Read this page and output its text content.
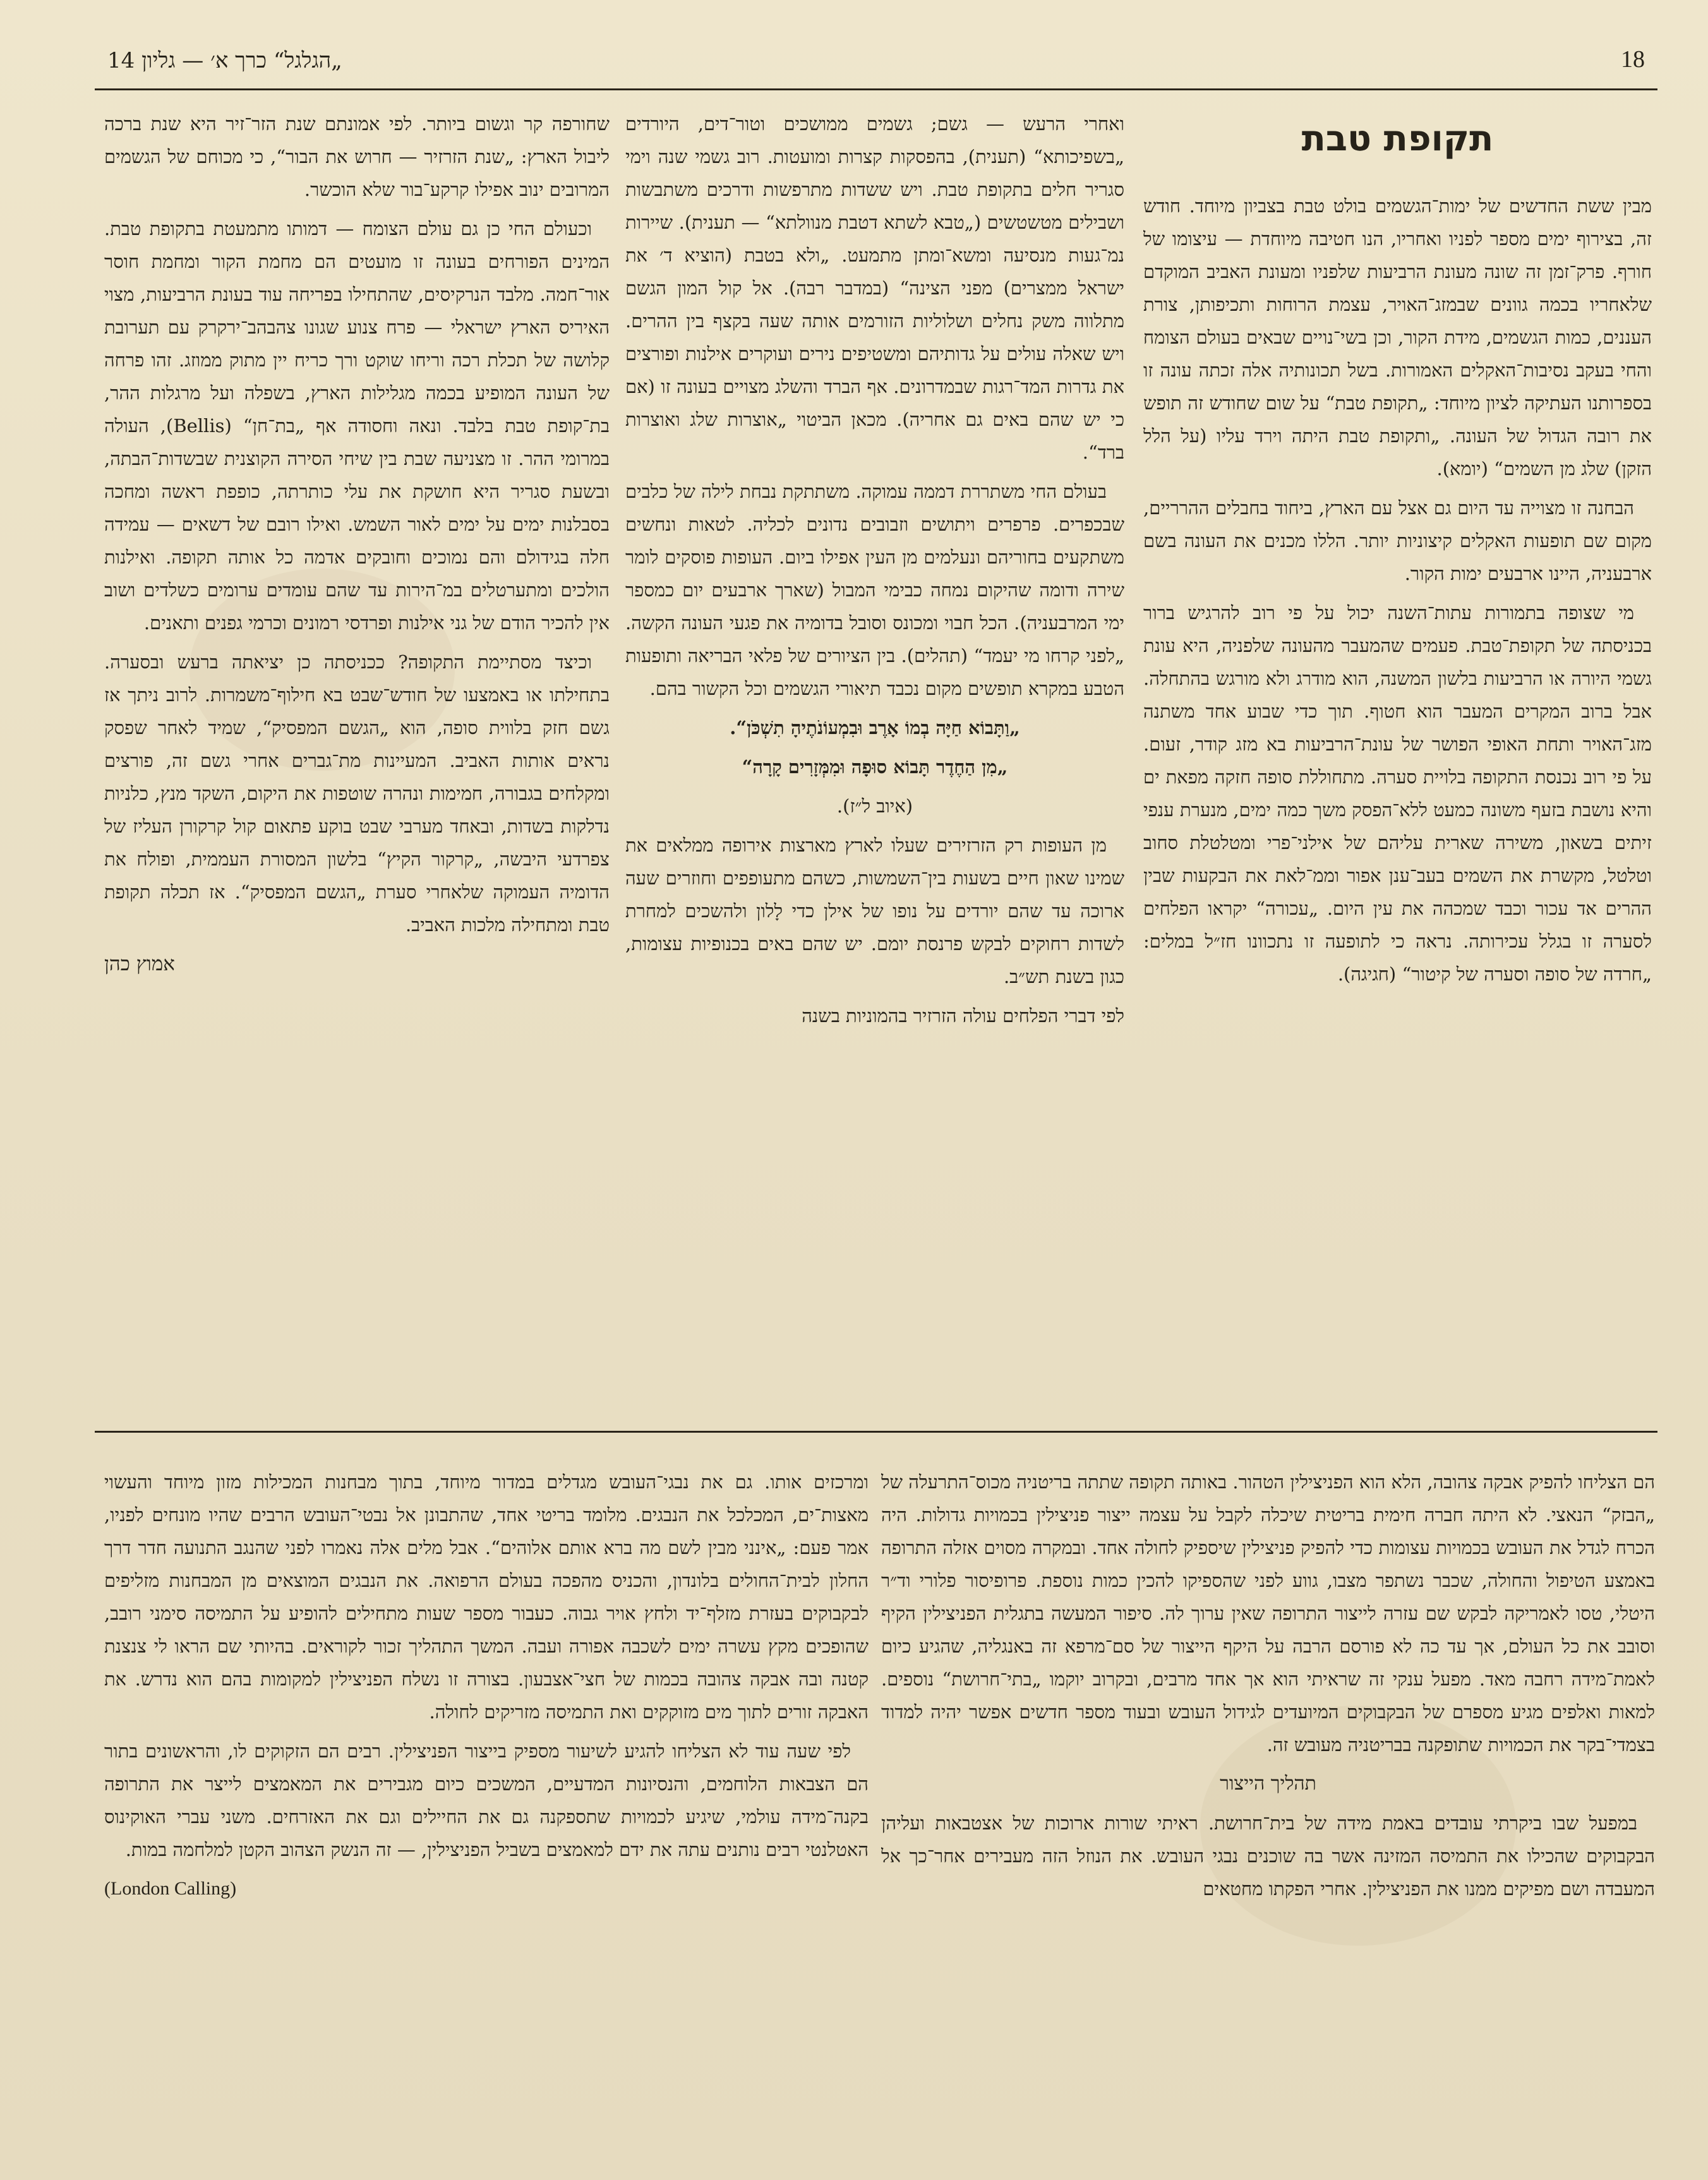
„הגלגל“ כרך א׳ — גליון 14	18
תקופת טבת

מבין ששת החדשים של ימות־הגשמים בולט טבת בצביון מיוחד. חודש זה, בצירוף ימים מספר לפניו ואחריו, הנו חטיבה מיוחדת — עיצומו של חורף. פרק־זמן זה שונה מעונת הרביעות שלפניו ומעונת האביב המוקדם שלאחריו בכמה גוונים שבמזג־האויר, עצמת הרוחות ותכיפותן, צורת העננים, כמות הגשמים, מידת הקור, וכן בשי־נויים שבאים בעולם הצומח והחי בעקב נסיבות־האקלים האמורות. בשל תכונותיה אלה זכתה עונה זו בספרותנו העתיקה לציון מיוחד: „תקופת טבת“ על שום שחודש זה תופש את רובה הגדול של העונה. „ותקופת טבת היתה וירד עליו (על הלל הזקן) שלג מן השמים“ (יומא).

הבחנה זו מצוייה עד היום גם אצל עם הארץ, ביחוד בחבלים ההרריים, מקום שם תופעות האקלים קיצוניות יותר. הללו מכנים את העונה בשם ארבעניה, היינו ארבעים ימות הקור.

מי שצופה בתמורות עתות־השנה יכול על פי רוב להרגיש ברור בכניסתה של תקופת־טבת. פעמים שהמעבר מהעונה שלפניה, היא עונת גשמי היורה או הרביעות בלשון המשנה, הוא מודרג ולא מורגש בהתחלה. אבל ברוב המקרים המעבר הוא חטוף. תוך כדי שבוע אחד משתנה מזג־האויר ותחת האופי הפושר של עונת־הרביעות בא מזג קודר, זעום. על פי רוב נכנסת התקופה בלויית סערה. מתחוללת סופה חזקה מפאת ים והיא נושבת בזעף משונה כמעט ללא־הפסק משך כמה ימים, מנערת ענפי זיתים בשאון, משירה שארית עליהם של אילני־פרי ומטלטלת סחוב וטלטל, מקשרת את השמים בעב־ענן אפור וממ־לאת את הבקעות שבין ההרים אד עכור וכבד שמכהה את עין היום. „עכורה“ יקראו הפלחים לסערה זו בגלל עכירותה. נראה כי לתופעה זו נתכוונו חז״ל במלים: „חרדה של סופה וסערה של קיטור“ (חגיגה).

ואחרי הרעש — גשם; גשמים ממושכים וטור־דים, היורדים „בשפיכותא“ (תענית), בהפסקות קצרות ומועטות. רוב גשמי שנה וימי סגריר חלים בתקופת טבת. ויש ששדות מתרפשות ודרכים משתבשות ושבילים מטשטשים („טבא לשתא דטבת מנוולתא“ — תענית). שיירות נמ־געות מנסיעה ומשא־ומתן מתמעט. „ולא בטבת (הוציא ד׳ את ישראל ממצרים) מפני הצינה“ (במדבר רבה). אל קול המון הגשם מתלווה משק נחלים ושלוליות הזורמים אותה שעה בקצף בין ההרים. ויש שאלה עולים על גדותיהם ומשטיפים נירים ועוקרים אילנות ופורצים את גדרות המד־רגות שבמדרונים. אף הברד והשלג מצויים בעונה זו (אם כי יש שהם באים גם אחריה). מכאן הביטוי „אוצרות שלג ואוצרות ברד“.

בעולם החי משתררת דממה עמוקה. משתתקת נבחת לילה של כלבים שבכפרים. פרפרים ויתושים וזבובים נדונים לכליה. לטאות ונחשים משתקעים בחוריהם ונעלמים מן העין אפילו ביום. העופות פוסקים לומר שירה ודומה שהיקום נמחה כבימי המבול (שארך ארבעים יום כמספר ימי המרבעניה). הכל חבוי ומכונס וסובל בדומיה את פגעי העונה הקשה. „לפני קרחו מי יעמד“ (תהלים). בין הציורים של פלאי הבריאה ותופעות הטבע במקרא תופשים מקום נכבד תיאורי הגשמים וכל הקשור בהם.

„וַתָּבוֹא חַיָּה בְמוֹ אָרֶב וּבִמְעוֹנֹתֶיהָ תִשְׁכֹּן“.

„מִן הַחֶדֶר תָּבוֹא סוּפָה וּמִמְּזָרִים קָרָה“

(איוב ל״ז).

מן העופות רק הזרזירים שעלו לארץ מארצות אירופה ממלאים את שמינו שאון חיים בשעות בין־השמשות, כשהם מתעופפים וחוזרים שעה ארוכה עד שהם יורדים על נופו של אילן כדי לָלון ולהשכים למחרת לשדות רחוקים לבקש פרנסת יומם. יש שהם באים בכנופיות עצומות, כגון בשנת תש״ב.

לפי דברי הפלחים עולה הזרזיר בהמוניות בשנה

שחורפה קר וגשום ביותר. לפי אמונתם שנת הזר־זיר היא שנת ברכה ליבול הארץ: „שנת הזרזיר — חרוש את הבור“, כי מכוחם של הגשמים המרובים ינוב אפילו קרקע־בור שלא הוכשר.

וכעולם החי כן גם עולם הצומח — דמותו מתמעטת בתקופת טבת. המינים הפורחים בעונה זו מועטים הם מחמת הקור ומחמת חוסר אור־חמה. מלבד הנרקיסים, שהתחילו בפריחה עוד בעונת הרביעות, מצוי האיריס הארץ ישראלי — פרח צנוע שגונו צהבהב־ירקרק עם תערובת קלושה של תכלת רכה וריחו שוקט ורך כריח יין מתוק ממוזג. זהו פרחה של העונה המופיע בכמה מגלילות הארץ, בשפלה ועל מרגלות ההר, בת־קופת טבת בלבד. ונאה וחסודה אף „בת־חן“ (Bellis), העולה במרומי ההר. זו מצניעה שבת בין שיחי הסירה הקוצנית שבשדות־הבתה, ובשעת סגריר היא חושקת את עלי כותרתה, כופפת ראשה ומחכה בסבלנות ימים על ימים לאור השמש. ואילו רובם של דשאים — עמידה חלה בגידולם והם נמוכים וחובקים אדמה כל אותה תקופה. ואילנות הולכים ומתערטלים במ־הירות עד שהם עומדים ערומים כשלדים ושוב אין להכיר הודם של גני אילנות ופרדסי רמונים וכרמי גפנים ותאנים.

וכיצד מסתיימת התקופה? ככניסתה כן יציאתה ברעש ובסערה. בתחילתו או באמצעו של חודש־שבט בא חילוף־משמרות. לרוב ניתך אז גשם חזק בלווית סופה, הוא „הגשם המפסיק“, שמיד לאחר שפסק נראים אותות האביב. המעיינות מת־גברים אחרי גשם זה, פורצים ומקלחים בגבורה, חמימות ונהרה שוטפות את היקום, השקד מנץ, כלניות נדלקות בשדות, ובאחד מערבי שבט בוקע פתאום קול קרקורן העליז של צפרדעי היבשה, „קרקור הקיץ“ בלשון המסורת העממית, ופולח את הדומיה העמוקה שלאחרי סערת „הגשם המפסיק“. אז תכלה תקופת טבת ומתחילה מלכות האביב.

אמוץ כהן

הם הצליחו להפיק אבקה צהובה, הלא הוא הפניצילין הטהור. באותה תקופה שתתה בריטניה מכוס־התרעלה של „הבזק“ הנאצי. לא היתה חברה חימית בריטית שיכלה לקבל על עצמה ייצור פניצילין בכמויות גדולות. היה הכרח לגדל את העובש בכמויות עצומות כדי להפיק פניצילין שיספיק לחולה אחד. ובמקרה מסוים אזלה התרופה באמצע הטיפול והחולה, שכבר נשתפר מצבו, גווע לפני שהספיקו להכין כמות נוספת. פרופיסור פלורי וד״ר היטלי, טסו לאמריקה לבקש שם עזרה לייצור התרופה שאין ערוך לה. סיפור המעשה בתגלית הפניצילין הקיף וסובב את כל העולם, אך עד כה לא פורסם הרבה על היקף הייצור של סם־מרפא זה באנגליה, שהגיע כיום לאמת־מידה רחבה מאד. מפעל ענקי זה שראיתי הוא אך אחד מרבים, ובקרוב יוקמו „בתי־חרושת“ נוספים. למאות ואלפים מגיע מספרם של הבקבוקים המיועדים לגידול העובש ובעוד מספר חדשים אפשר יהיה למדוד בצמדי־בקר את הכמויות שתופקנה בבריטניה מעובש זה.

תהליך הייצור

במפעל שבו ביקרתי עובדים באמת מידה של בית־חרושת. ראיתי שורות ארוכות של אצטבאות ועליהן הבקבוקים שהכילו את התמיסה המזינה אשר בה שוכנים נבגי העובש. את הנוזל הזה מעבירים אחר־כך אל המעבדה ושם מפיקים ממנו את הפניצילין. אחרי הפקתו מחטאים

ומרכזים אותו. גם את נבגי־העובש מגדלים במדור מיוחד, בתוך מבחנות המכילות מזון מיוחד והעשוי מאצות־ים, המכלכל את הנבגים. מלומד בריטי אחד, שהתבונן אל נבטי־העובש הרבים שהיו מונחים לפניו, אמר פעם: „אינני מבין לשם מה ברא אותם אלוהים“. אבל מלים אלה נאמרו לפני שהנגב התנועה חדר דרך החלון לבית־החולים בלונדון, והכניס מהפכה בעולם הרפואה. את הנבגים המוצאים מן המבחנות מזליפים לבקבוקים בעזרת מזלף־יד ולחץ אויר גבוה. כעבור מספר שעות מתחילים להופיע על התמיסה סימני רובב, שהופכים מקץ עשרה ימים לשכבה אפורה ועבה. המשך התהליך זכור לקוראים. בהיותי שם הראו לי צנצנת קטנה ובה אבקה צהובה בכמות של חצי־אצבעון. בצורה זו נשלח הפניצילין למקומות בהם הוא נדרש. את האבקה זורים לתוך מים מזוקקים ואת התמיסה מזריקים לחולה.

לפי שעה עוד לא הצליחו להגיע לשיעור מספיק בייצור הפניצילין. רבים הם הזקוקים לו, והראשונים בתור הם הצבאות הלוחמים, והנסיונות המדעיים, המשכים כיום מגבירים את המאמצים לייצר את התרופה בקנה־מידה עולמי, שיגיע לכמויות שתספקנה גם את החיילים וגם את האזרחים. משני עברי האוקינוס האטלנטי רבים נותנים עתה את ידם למאמצים בשביל הפניצילין, — זה הנשק הצהוב הקטן למלחמה במות.

(London Calling)
